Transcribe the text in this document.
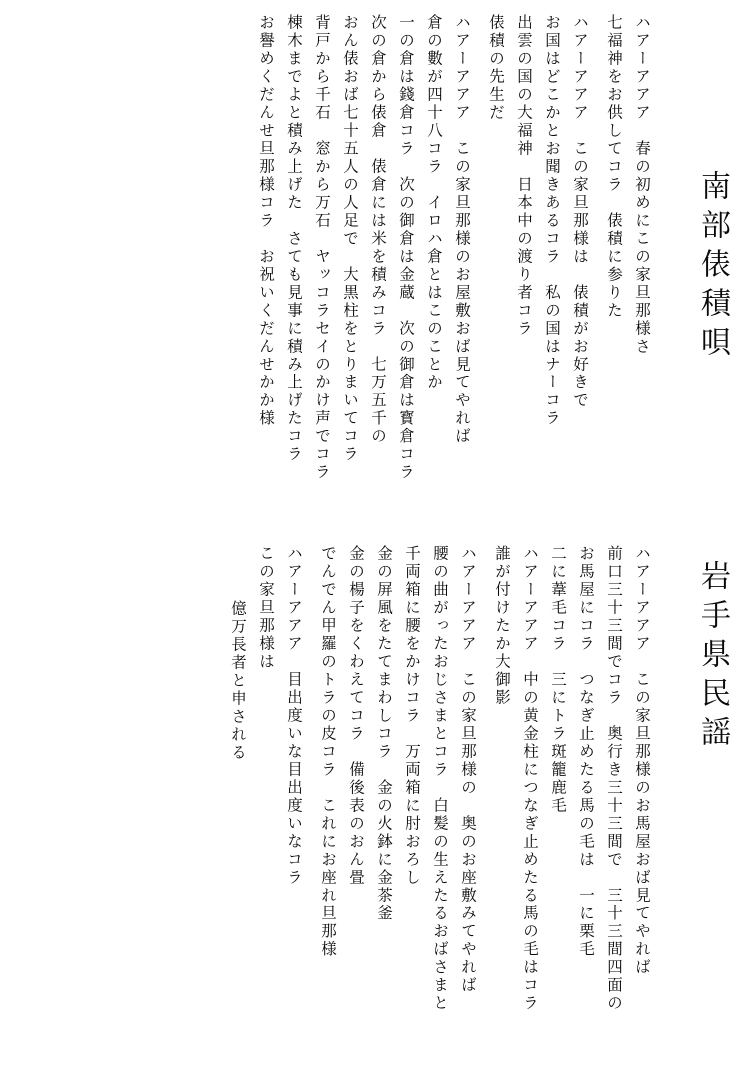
南部俵積唄
ハアーアアア　春の初めにこの家旦那様さ
七福神をお供してコラ　俵積に参りた
ハアーアアア　この家旦那様は　俵積がお好きで
お国はどこかとお聞きあるコラ　私の国はナーコラ
出雲の国の大福神　日本中の渡り者コラ
俵積の先生だ
ハアーアアア　この家旦那様のお屋敷おば見てやれば
倉の數が四十八コラ　イロハ倉とはこのことか
一の倉は錢倉コラ　次の御倉は金蔵　次の御倉は寳倉コラ
次の倉から俵倉　俵倉には米を積みコラ　七万五千の
おん俵おば七十五人の人足で　大黒柱をとりまいてコラ
背戸から千石　窓から万石　ヤッコラセイのかけ声でコラ
棟木までよと積み上げた　さても見事に積み上げたコラ
お譽めくだんせ旦那様コラ　お祝いくだんせかか様
岩手県民謡
ハアーアアア　この家旦那様のお馬屋おば見てやれば
前口三十三間でコラ　奥行き三十三間で　三十三間四面の
お馬屋にコラ　つなぎ止めたる馬の毛は　一に栗毛
二に葦毛コラ　三にトラ斑籠鹿毛
ハアーアアア　中の黄金柱につなぎ止めたる馬の毛はコラ
誰が付けたか大御影
ハアーアアア　この家旦那様の　奥のお座敷みてやれば
腰の曲がったおじさまとコラ　白髪の生えたるおばさまと
千両箱に腰をかけコラ　万両箱に肘おろし
金の屏風をたてまわしコラ　金の火鉢に金茶釜
金の楊子をくわえてコラ　備後表のおん畳
でんでん甲羅のトラの皮コラ　これにお座れ旦那様
ハアーアアア　目出度いな目出度いなコラ
この家旦那様は
億万長者と申される
